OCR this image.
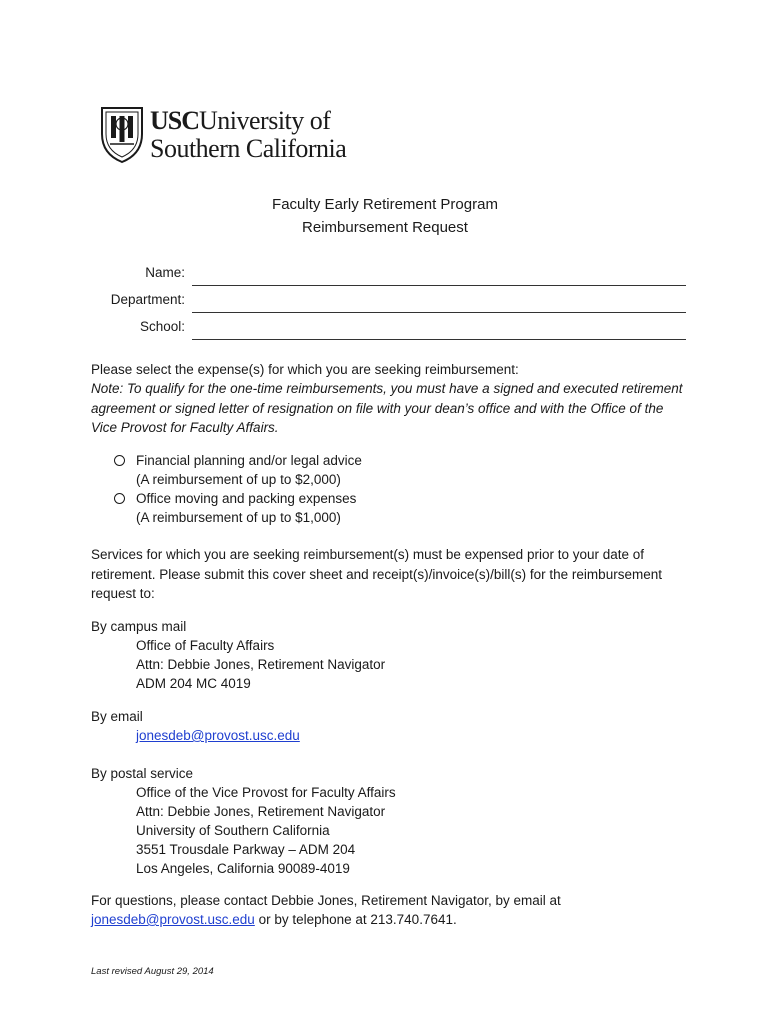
USCUniversity of
Southern California
Faculty Early Retirement Program
Reimbursement Request
Name:
Department:
School:
Please select the expense(s) for which you are seeking reimbursement:
Note: To qualify for the one-time reimbursements, you must have a signed and executed retirement agreement or signed letter of resignation on file with your dean’s office and with the Office of the Vice Provost for Faculty Affairs.
Financial planning and/or legal advice
(A reimbursement of up to $2,000)
Office moving and packing expenses
(A reimbursement of up to $1,000)
Services for which you are seeking reimbursement(s) must be expensed prior to your date of retirement. Please submit this cover sheet and receipt(s)/invoice(s)/bill(s) for the reimbursement request to:
By campus mail
Office of Faculty Affairs
Attn: Debbie Jones, Retirement Navigator
ADM 204 MC 4019
By email
jonesdeb@provost.usc.edu
By postal service
Office of the Vice Provost for Faculty Affairs
Attn: Debbie Jones, Retirement Navigator
University of Southern California
3551 Trousdale Parkway – ADM 204
Los Angeles, California 90089-4019
For questions, please contact Debbie Jones, Retirement Navigator, by email at
jonesdeb@provost.usc.edu or by telephone at 213.740.7641.
Last revised August 29, 2014
